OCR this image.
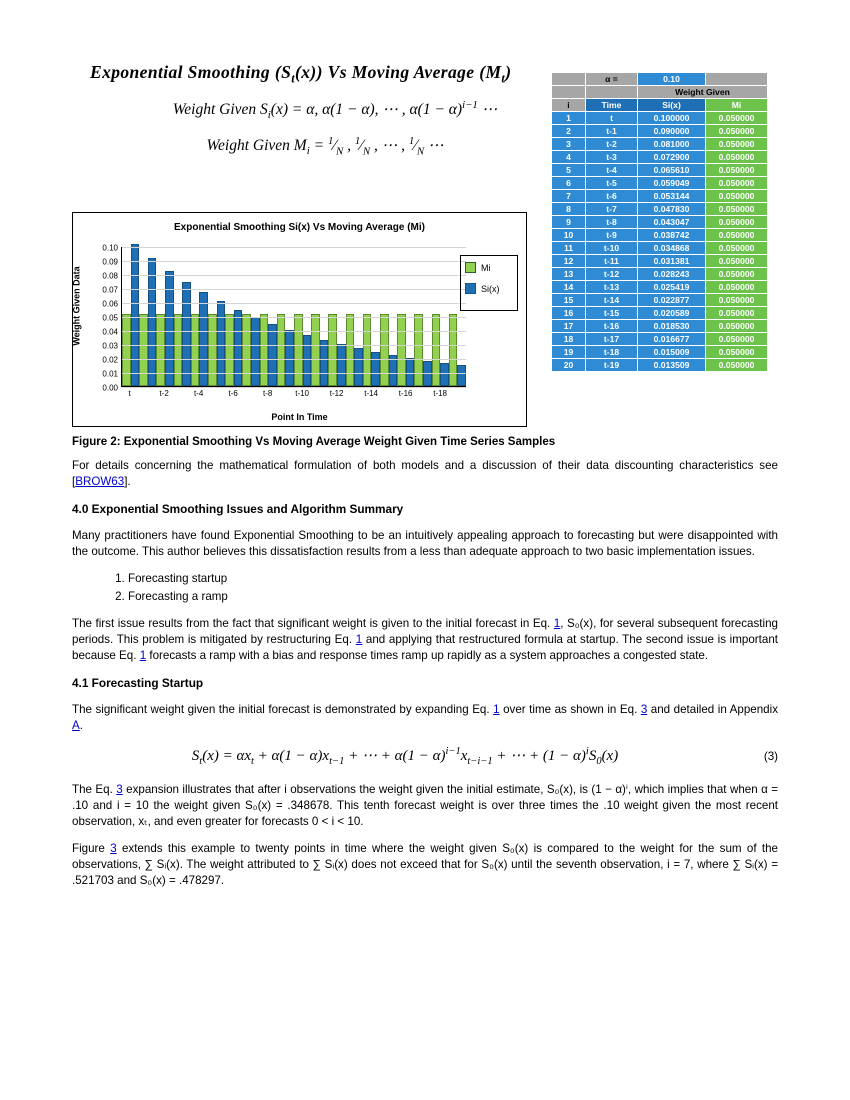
Exponential Smoothing $(S_t(x))$ Vs Moving Average $(M_t)$
Weight Given $S_i(x) = \alpha$, α(1 − α), ⋯ , $\alpha(1 - \alpha)^{i-1}$ ⋯
Weight Given $M_i$ = $^1⁄_N$ , $^1⁄_N$ , ⋯ , $^1⁄_N$ ⋯
Exponential Smoothing Si(x) Vs Moving Average (Mi)
Weight Given Data
Point In Time
0.10
0.09
0.08
0.07
0.06
0.05
0.04
0.03
0.02
0.01
0.00
t	t-2	t-4	t-6	t-8	t-10	t-12	t-14	t-16	t-18
Mi
Si(x)
	α =	0.10	
		Weight Given	
i	Time	Si(x)	Mi
1	t	0.100000	0.050000
2	t-1	0.090000	0.050000
3	t-2	0.081000	0.050000
4	t-3	0.072900	0.050000
5	t-4	0.065610	0.050000
6	t-5	0.059049	0.050000
7	t-6	0.053144	0.050000
8	t-7	0.047830	0.050000
9	t-8	0.043047	0.050000
10	t-9	0.038742	0.050000
11	t-10	0.034868	0.050000
12	t-11	0.031381	0.050000
13	t-12	0.028243	0.050000
14	t-13	0.025419	0.050000
15	t-14	0.022877	0.050000
16	t-15	0.020589	0.050000
17	t-16	0.018530	0.050000
18	t-17	0.016677	0.050000
19	t-18	0.015009	0.050000
20	t-19	0.013509	0.050000
Figure 2: Exponential Smoothing Vs Moving Average Weight Given Time Series Samples

For details concerning the mathematical formulation of both models and a discussion of their data discounting characteristics see [BROW63].

4.0 Exponential Smoothing Issues and Algorithm Summary

Many practitioners have found Exponential Smoothing to be an intuitively appealing approach to forecasting but were disappointed with the outcome. This author believes this dissatisfaction results from a less than adequate approach to two basic implementation issues.

1. Forecasting startup
2. Forecasting a ramp

The first issue results from the fact that significant weight is given to the initial forecast in Eq. 1, S₀(x), for several subsequent forecasting periods. This problem is mitigated by restructuring Eq. 1 and applying that restructured formula at startup. The second issue is important because Eq. 1 forecasts a ramp with a bias and response times ramp up rapidly as a system approaches a congested state.

4.1 Forecasting Startup

The significant weight given the initial forecast is demonstrated by expanding Eq. 1 over time as shown in Eq. 3 and detailed in Appendix A.

$S_t(x) = \alpha x_t + \alpha(1 - \alpha)x_{t-1}$ + ⋯ + $\alpha(1 - \alpha)^{i-1}x_{t-i-1}$ + ⋯ + $(1 - \alpha)^iS_0(x)$	(3)

The Eq. 3 expansion illustrates that after i observations the weight given the initial estimate, S₀(x), is (1 − α)ⁱ, which implies that when α = .10 and i = 10 the weight given S₀(x) = .348678. This tenth forecast weight is over three times the .10 weight given the most recent observation, xₜ, and even greater for forecasts 0 < i < 10.

Figure 3 extends this example to twenty points in time where the weight given S₀(x) is compared to the weight for the sum of the observations, ∑ Sᵢ(x). The weight attributed to ∑ Sᵢ(x) does not exceed that for S₀(x) until the seventh observation, i = 7, where ∑ Sᵢ(x) = .521703 and S₀(x) = .478297.
